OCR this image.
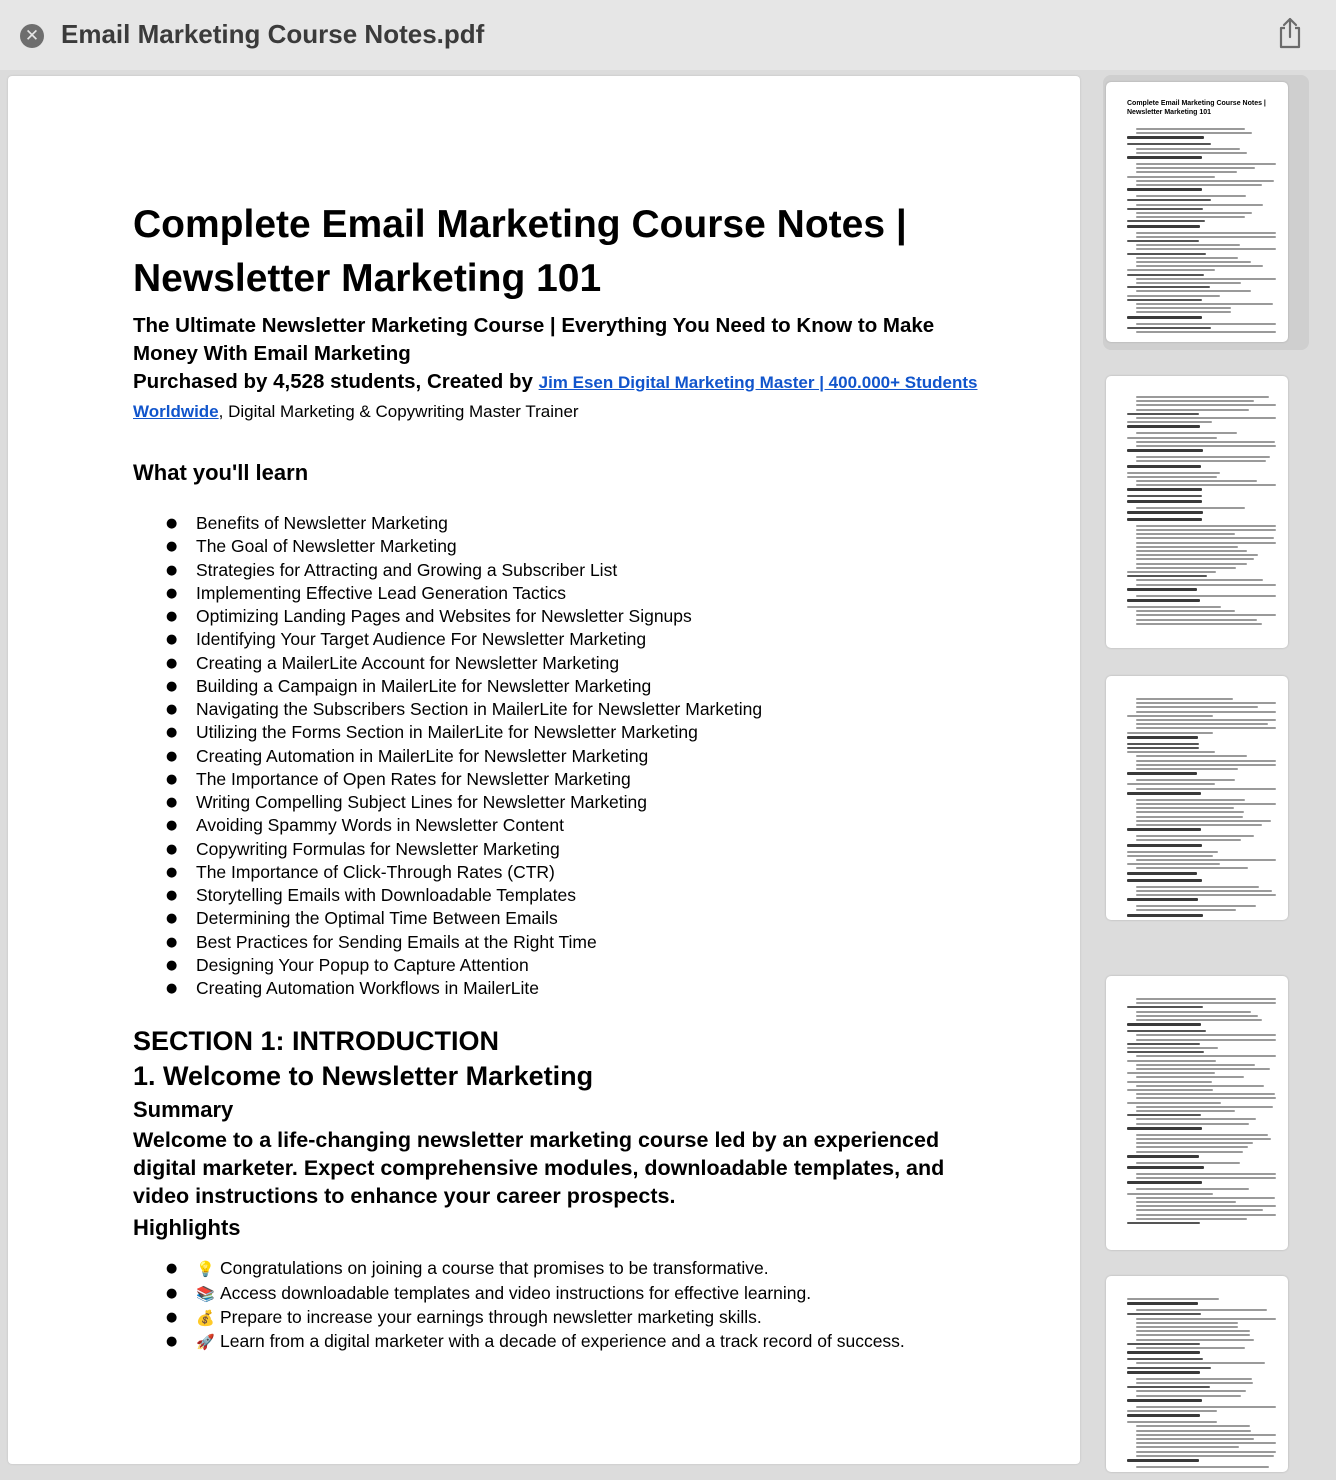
✕ Email Marketing Course Notes.pdf
Complete Email Marketing Course Notes | Newsletter Marketing 101

The Ultimate Newsletter Marketing Course | Everything You Need to Know to Make Money With Email Marketing

Purchased by 4,528 students, Created by Jim Esen Digital Marketing Master | 400.000+ Students Worldwide, Digital Marketing & Copywriting Master Trainer

What you'll learn

● Benefits of Newsletter Marketing
● The Goal of Newsletter Marketing
● Strategies for Attracting and Growing a Subscriber List
● Implementing Effective Lead Generation Tactics
● Optimizing Landing Pages and Websites for Newsletter Signups
● Identifying Your Target Audience For Newsletter Marketing
● Creating a MailerLite Account for Newsletter Marketing
● Building a Campaign in MailerLite for Newsletter Marketing
● Navigating the Subscribers Section in MailerLite for Newsletter Marketing
● Utilizing the Forms Section in MailerLite for Newsletter Marketing
● Creating Automation in MailerLite for Newsletter Marketing
● The Importance of Open Rates for Newsletter Marketing
● Writing Compelling Subject Lines for Newsletter Marketing
● Avoiding Spammy Words in Newsletter Content
● Copywriting Formulas for Newsletter Marketing
● The Importance of Click-Through Rates (CTR)
● Storytelling Emails with Downloadable Templates
● Determining the Optimal Time Between Emails
● Best Practices for Sending Emails at the Right Time
● Designing Your Popup to Capture Attention
● Creating Automation Workflows in MailerLite

SECTION 1: INTRODUCTION

1. Welcome to Newsletter Marketing

Summary

Welcome to a life-changing newsletter marketing course led by an experienced digital marketer. Expect comprehensive modules, downloadable templates, and video instructions to enhance your career prospects.

Highlights

● 💡 Congratulations on joining a course that promises to be transformative.
● 📚 Access downloadable templates and video instructions for effective learning.
● 💰 Prepare to increase your earnings through newsletter marketing skills.
● 🚀 Learn from a digital marketer with a decade of experience and a track record of success.
Complete Email Marketing Course Notes | Newsletter Marketing 101
